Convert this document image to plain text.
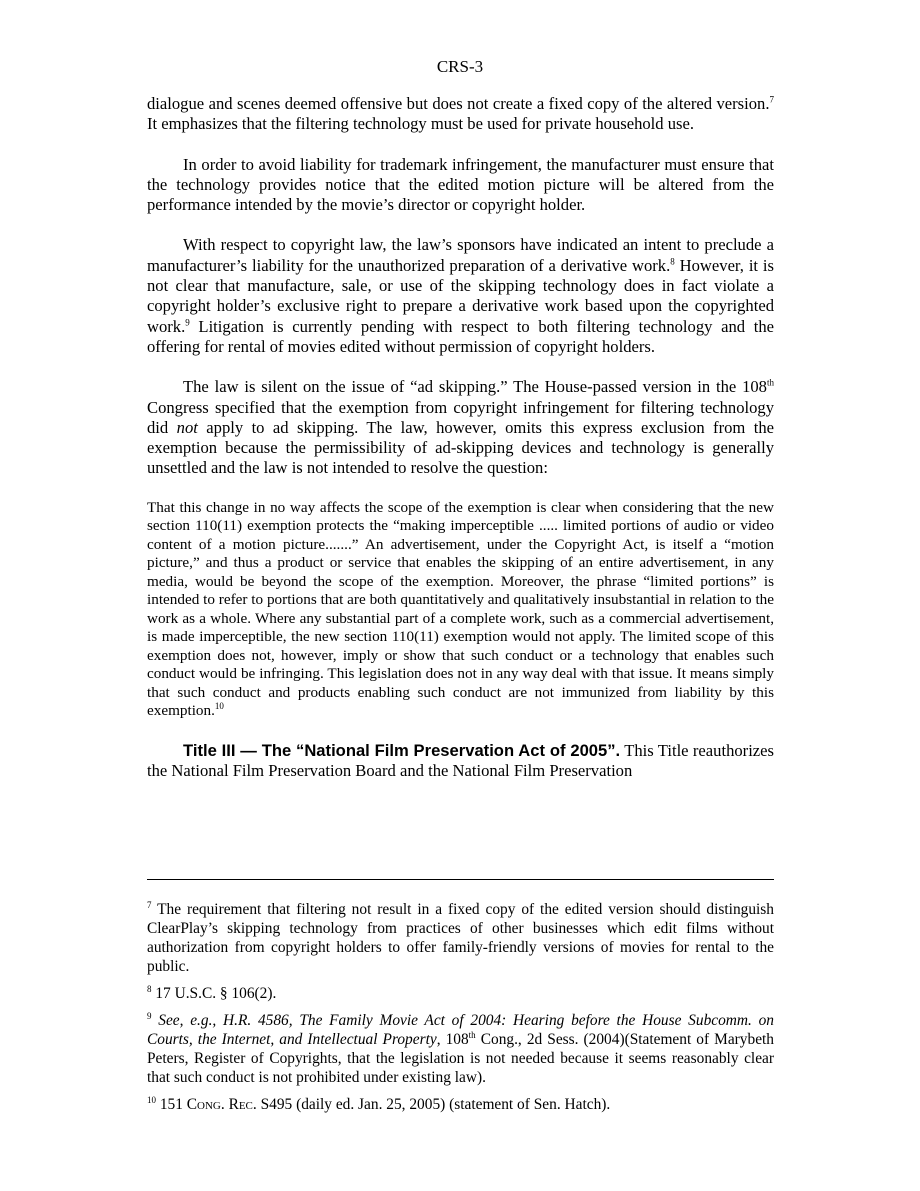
CRS-3

dialogue and scenes deemed offensive but does not create a fixed copy of the altered version.$^7$ It emphasizes that the filtering technology must be used for private household use.

In order to avoid liability for trademark infringement, the manufacturer must ensure that the technology provides notice that the edited motion picture will be altered from the performance intended by the movie’s director or copyright holder.

With respect to copyright law, the law’s sponsors have indicated an intent to preclude a manufacturer’s liability for the unauthorized preparation of a derivative work.$^8$ However, it is not clear that manufacture, sale, or use of the skipping technology does in fact violate a copyright holder’s exclusive right to prepare a derivative work based upon the copyrighted work.$^9$ Litigation is currently pending with respect to both filtering technology and the offering for rental of movies edited without permission of copyright holders.

The law is silent on the issue of “ad skipping.” The House-passed version in the 108th Congress specified that the exemption from copyright infringement for filtering technology did not apply to ad skipping. The law, however, omits this express exclusion from the exemption because the permissibility of ad-skipping devices and technology is generally unsettled and the law is not intended to resolve the question:

That this change in no way affects the scope of the exemption is clear when considering that the new section 110(11) exemption protects the “making imperceptible ..... limited portions of audio or video content of a motion picture.......” An advertisement, under the Copyright Act, is itself a “motion picture,” and thus a product or service that enables the skipping of an entire advertisement, in any media, would be beyond the scope of the exemption. Moreover, the phrase “limited portions” is intended to refer to portions that are both quantitatively and qualitatively insubstantial in relation to the work as a whole. Where any substantial part of a complete work, such as a commercial advertisement, is made imperceptible, the new section 110(11) exemption would not apply. The limited scope of this exemption does not, however, imply or show that such conduct or a technology that enables such conduct would be infringing. This legislation does not in any way deal with that issue. It means simply that such conduct and products enabling such conduct are not immunized from liability by this exemption.$^{10}$

Title III — The “National Film Preservation Act of 2005”. This Title reauthorizes the National Film Preservation Board and the National Film Preservation

$^7$ The requirement that filtering not result in a fixed copy of the edited version should distinguish ClearPlay’s skipping technology from practices of other businesses which edit films without authorization from copyright holders to offer family-friendly versions of movies for rental to the public.

$^8$ 17 U.S.C. § 106(2).

$^9$ See, e.g., H.R. 4586, The Family Movie Act of 2004: Hearing before the House Subcomm. on Courts, the Internet, and Intellectual Property, 108th Cong., 2d Sess. (2004)(Statement of Marybeth Peters, Register of Copyrights, that the legislation is not needed because it seems reasonably clear that such conduct is not prohibited under existing law).

$^{10}$ 151 Cong. Rec. S495 (daily ed. Jan. 25, 2005) (statement of Sen. Hatch).
